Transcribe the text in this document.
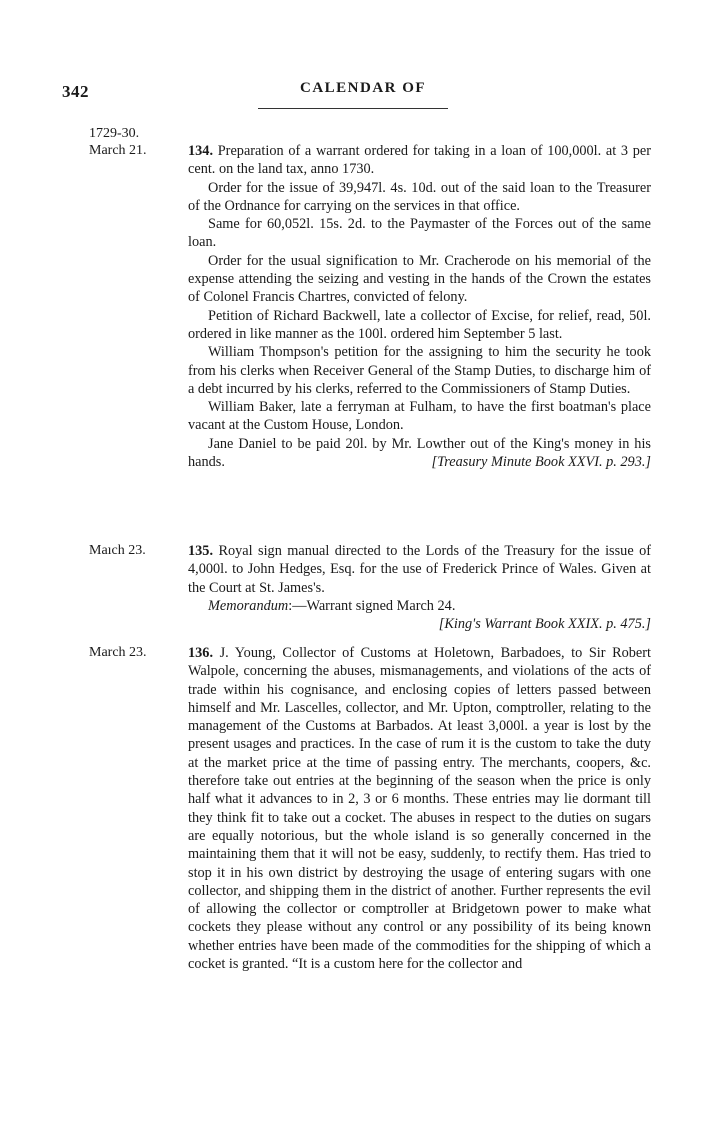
342	CALENDAR OF
1729-30.
March 21.	134. Preparation of a warrant ordered for taking in a loan of 100,000l. at 3 per cent. on the land tax, anno 1730.

Order for the issue of 39,947l. 4s. 10d. out of the said loan to the Treasurer of the Ordnance for carrying on the services in that office.

Same for 60,052l. 15s. 2d. to the Paymaster of the Forces out of the same loan.

Order for the usual signification to Mr. Cracherode on his memorial of the expense attending the seizing and vesting in the hands of the Crown the estates of Colonel Francis Chartres, convicted of felony.

Petition of Richard Backwell, late a collector of Excise, for relief, read, 50l. ordered in like manner as the 100l. ordered him September 5 last.

William Thompson's petition for the assigning to him the security he took from his clerks when Receiver General of the Stamp Duties, to discharge him of a debt incurred by his clerks, referred to the Commissioners of Stamp Duties.

William Baker, late a ferryman at Fulham, to have the first boatman's place vacant at the Custom House, London.

Jane Daniel to be paid 20l. by Mr. Lowther out of the King's money in his hands.	[Treasury Minute Book XXVI. p. 293.]

Maıch 23.	135. Royal sign manual directed to the Lords of the Treasury for the issue of 4,000l. to John Hedges, Esq. for the use of Frederick Prince of Wales. Given at the Court at St. James's.

Memorandum:—Warrant signed March 24.

[King's Warrant Book XXIX. p. 475.]

March 23.	136. J. Young, Collector of Customs at Holetown, Barbadoes, to Sir Robert Walpole, concerning the abuses, mismanagements, and violations of the acts of trade within his cognisance, and enclosing copies of letters passed between himself and Mr. Lascelles, collector, and Mr. Upton, comptroller, relating to the management of the Customs at Barbados. At least 3,000l. a year is lost by the present usages and practices. In the case of rum it is the custom to take the duty at the market price at the time of passing entry. The merchants, coopers, &c. therefore take out entries at the beginning of the season when the price is only half what it advances to in 2, 3 or 6 months. These entries may lie dormant till they think fit to take out a cocket. The abuses in respect to the duties on sugars are equally notorious, but the whole island is so generally concerned in the maintaining them that it will not be easy, suddenly, to rectify them. Has tried to stop it in his own district by destroying the usage of entering sugars with one collector, and shipping them in the district of another. Further represents the evil of allowing the collector or comptroller at Bridgetown power to make what cockets they please without any control or any possibility of its being known whether entries have been made of the commodities for the shipping of which a cocket is granted. “It is a custom here for the collector and
